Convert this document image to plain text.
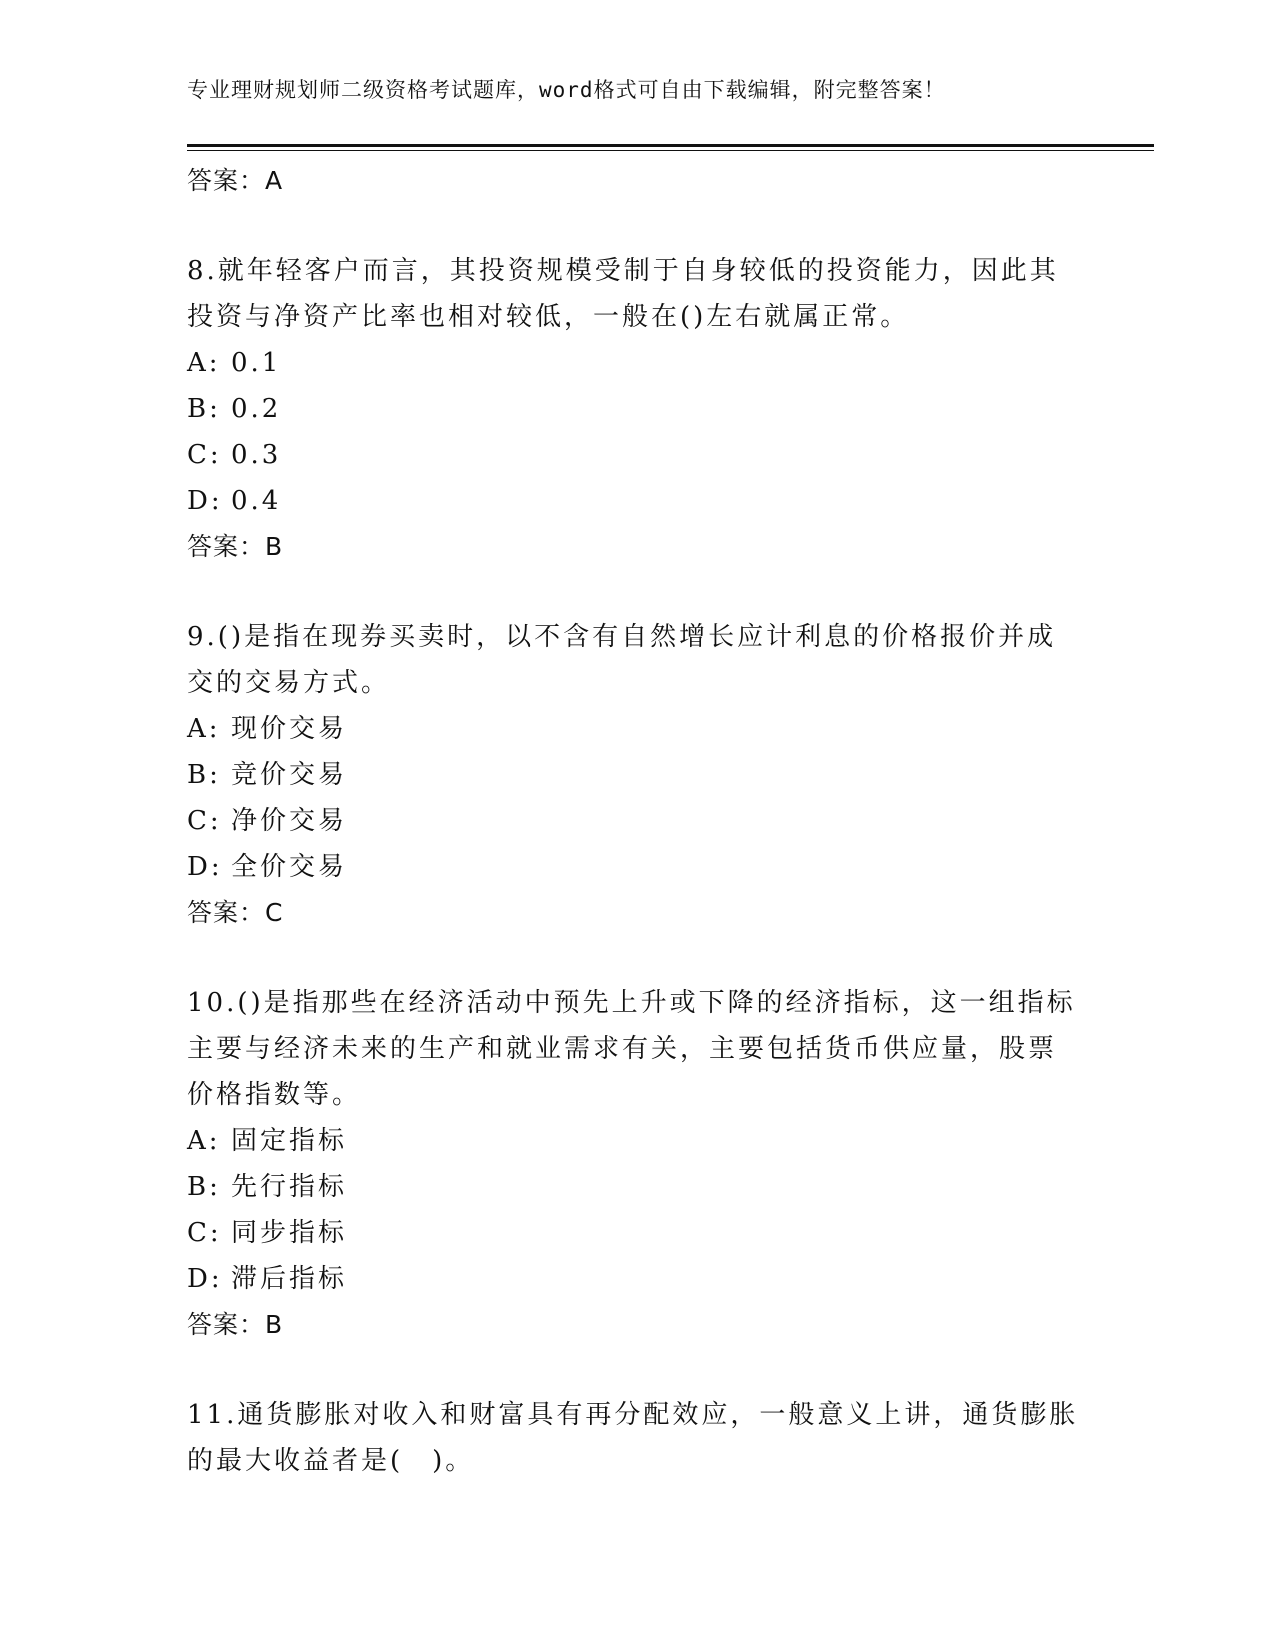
专业理财规划师二级资格考试题库，word格式可自由下载编辑，附完整答案！
答案：A
8.就年轻客户而言，其投资规模受制于自身较低的投资能力，因此其
投资与净资产比率也相对较低，一般在()左右就属正常。
A: 0.1
B: 0.2
C: 0.3
D: 0.4
答案：B
9.()是指在现券买卖时，以不含有自然增长应计利息的价格报价并成
交的交易方式。
A: 现价交易
B: 竞价交易
C: 净价交易
D: 全价交易
答案：C
10.()是指那些在经济活动中预先上升或下降的经济指标，这一组指标
主要与经济未来的生产和就业需求有关，主要包括货币供应量，股票
价格指数等。
A: 固定指标
B: 先行指标
C: 同步指标
D: 滞后指标
答案：B
11.通货膨胀对收入和财富具有再分配效应，一般意义上讲，通货膨胀
的最大收益者是(　)。
